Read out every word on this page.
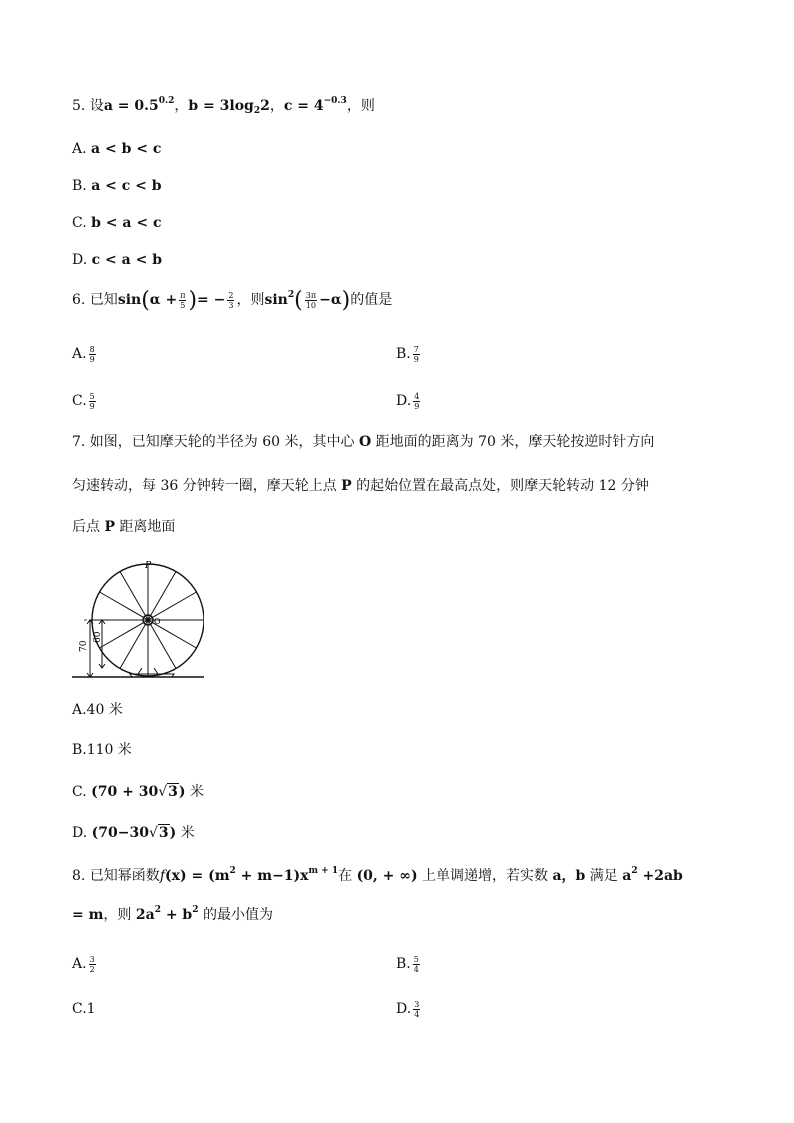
5. 设$a = 0.5^{0.2}$，$b = 3\log_22$，$c = 4^{-0.3}$，则
A. a < b < c
B. a < c < b
C. b < a < c
D. c < a < b
6. 已知$\sin(\alpha + \frac{\pi}{5}$ )= − $\frac{2}{3}$ ，则$\sin^2( \frac{3\pi}{10} -\alpha)$的值是
A. $\frac{8}{9}$	B. $\frac{7}{9}$
C. $\frac{5}{9}$	D. $\frac{4}{9}$
7. 如图，已知摩天轮的半径为 60 米，其中心 O 距地面的距离为 70 米，摩天轮按逆时针方向
匀速转动，每 36 分钟转一圈，摩天轮上点 P 的起始位置在最高点处，则摩天轮转动 12 分钟
后点 P 距离地面
P
O
70
60
A.40 米
B.110 米
C. (70 + 30√3) 米
D. (70−30√3) 米
8. 已知幂函数$f(x) = (m^2 + m-1)x^{m + 1}$在 (0, + ∞) 上单调递增，若实数 a，b 满足 $a^2 +2ab$
= m，则 $2a^2 + b^2$ 的最小值为
A. $\frac{3}{2}$	B. $\frac{5}{4}$
C.1	D. $\frac{3}{4}$
